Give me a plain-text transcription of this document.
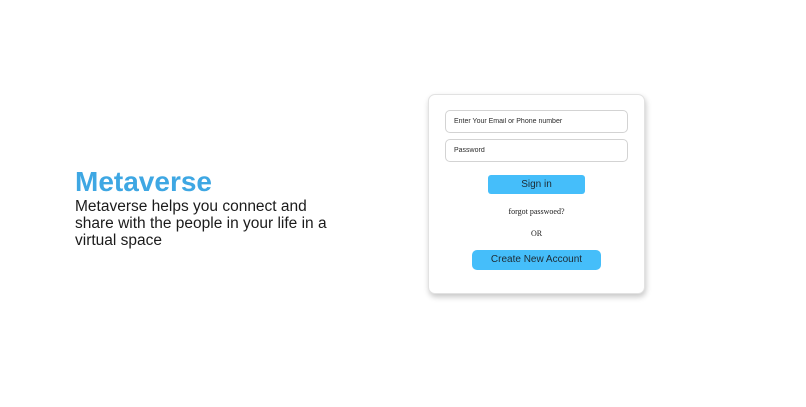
Metaverse

Metaverse helps you connect and share with the people in your life in a virtual space

Enter Your Email or Phone number
Sign in
forgot passwoed?
OR
Create New Account
